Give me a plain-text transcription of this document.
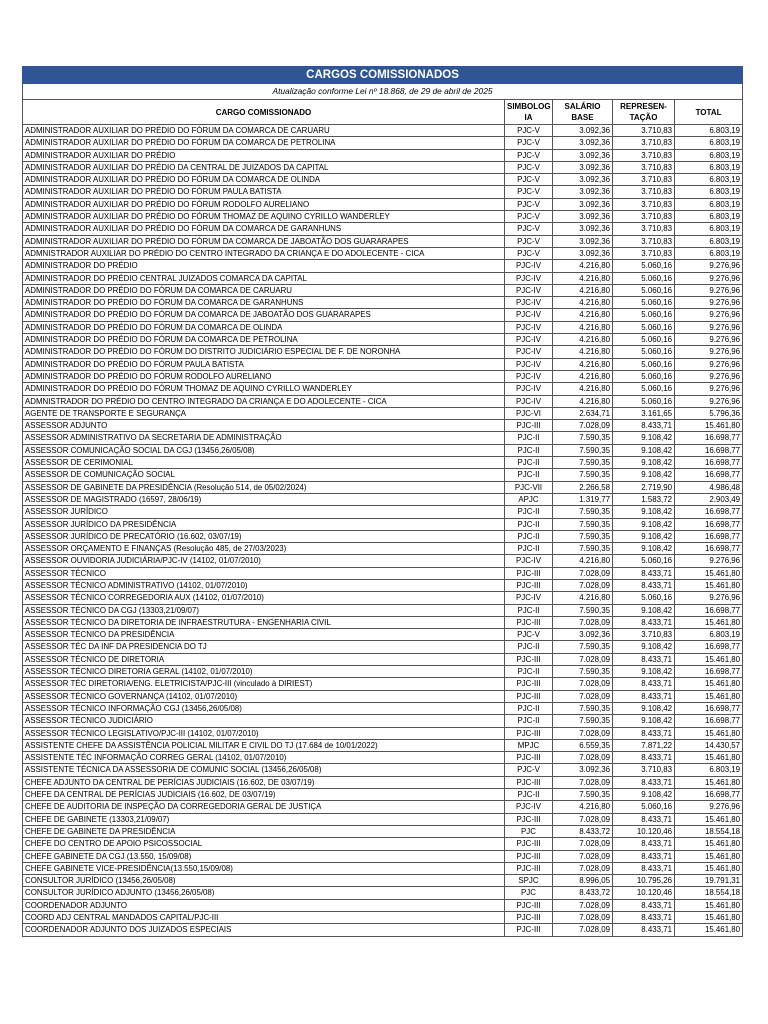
CARGOS COMISSIONADOS				
Atualização conforme Lei nº 18.868, de 29 de abril de 2025				
CARGO COMISSIONADO	SIMBOLOG IA	SALÁRIO BASE	REPRESEN- TAÇÃO	TOTAL
ADMINISTRADOR AUXILIAR DO PRÉDIO DO FÓRUM DA COMARCA DE CARUARU	PJC-V	3.092,36	3.710,83	6.803,19
ADMINISTRADOR AUXILIAR DO PRÉDIO DO FÓRUM DA COMARCA DE PETROLINA	PJC-V	3.092,36	3.710,83	6.803,19
ADMINISTRADOR AUXILIAR DO PRÉDIO	PJC-V	3.092,36	3.710,83	6.803,19
ADMINISTRADOR AUXILIAR DO PRÉDIO DA CENTRAL DE JUIZADOS DA CAPITAL	PJC-V	3.092,36	3.710,83	6.803,19
ADMINISTRADOR AUXILIAR DO PRÉDIO DO FÓRUM DA COMARCA DE OLINDA	PJC-V	3.092,36	3.710,83	6.803,19
ADMINISTRADOR AUXILIAR DO PRÉDIO DO FÓRUM PAULA BATISTA	PJC-V	3.092,36	3.710,83	6.803,19
ADMINISTRADOR AUXILIAR DO PRÉDIO DO FÓRUM RODOLFO AURELIANO	PJC-V	3.092,36	3.710,83	6.803,19
ADMINISTRADOR AUXILIAR DO PRÉDIO DO FÓRUM THOMAZ DE AQUINO CYRILLO WANDERLEY	PJC-V	3.092,36	3.710,83	6.803,19
ADMINISTRADOR AUXILIAR DO PRÉDIO DO FÓRUM DA COMARCA DE GARANHUNS	PJC-V	3.092,36	3.710,83	6.803,19
ADMINISTRADOR AUXILIAR DO PRÉDIO DO FÓRUM DA COMARCA DE JABOATÃO DOS GUARARAPES	PJC-V	3.092,36	3.710,83	6.803,19
ADMNISTRADOR AUXILIAR DO PRÉDIO DO CENTRO INTEGRADO DA CRIANÇA E DO ADOLECENTE - CICA	PJC-V	3.092,36	3.710,83	6.803,19
ADMINISTRADOR DO PRÉDIO	PJC-IV	4.216,80	5.060,16	9.276,96
ADMINISTRADOR DO PRÉDIO CENTRAL JUIZADOS COMARCA DA CAPITAL	PJC-IV	4.216,80	5.060,16	9.276,96
ADMINISTRADOR DO PRÉDIO DO FÓRUM DA COMARCA DE CARUARU	PJC-IV	4.216,80	5.060,16	9.276,96
ADMINISTRADOR DO PRÉDIO DO FÓRUM DA COMARCA DE GARANHUNS	PJC-IV	4.216,80	5.060,16	9.276,96
ADMINISTRADOR DO PRÉDIO DO FÓRUM DA COMARCA DE JABOATÃO DOS GUARARAPES	PJC-IV	4.216,80	5.060,16	9.276,96
ADMINISTRADOR DO PRÉDIO DO FÓRUM DA COMARCA DE OLINDA	PJC-IV	4.216,80	5.060,16	9.276,96
ADMINISTRADOR DO PRÉDIO DO FÓRUM DA COMARCA DE PETROLINA	PJC-IV	4.216,80	5.060,16	9.276,96
ADMINISTRADOR DO PRÉDIO DO FÓRUM DO DISTRITO JUDICIÁRIO ESPECIAL DE F. DE NORONHA	PJC-IV	4.216,80	5.060,16	9.276,96
ADMINISTRADOR DO PRÉDIO DO FÓRUM PAULA BATISTA	PJC-IV	4.216,80	5.060,16	9.276,96
ADMINISTRADOR DO PRÉDIO DO FÓRUM RODOLFO AURELIANO	PJC-IV	4.216,80	5.060,16	9.276,96
ADMINISTRADOR DO PRÉDIO DO FÓRUM THOMAZ DE AQUINO CYRILLO WANDERLEY	PJC-IV	4.216,80	5.060,16	9.276,96
ADMNISTRADOR DO PRÉDIO DO CENTRO INTEGRADO DA CRIANÇA E DO ADOLECENTE - CICA	PJC-IV	4.216,80	5.060,16	9.276,96
AGENTE DE TRANSPORTE E SEGURANÇA	PJC-VI	2.634,71	3.161,65	5.796,36
ASSESSOR ADJUNTO	PJC-III	7.028,09	8.433,71	15.461,80
ASSESSOR ADMINISTRATIVO DA SECRETARIA DE ADMINISTRAÇÃO	PJC-II	7.590,35	9.108,42	16.698,77
ASSESSOR COMUNICAÇÃO SOCIAL DA CGJ (13456,26/05/08)	PJC-II	7.590,35	9.108,42	16.698,77
ASSESSOR DE CERIMONIAL	PJC-II	7.590,35	9.108,42	16.698,77
ASSESSOR DE COMUNICAÇÃO SOCIAL	PJC-II	7.590,35	9.108,42	16.698,77
ASSESSOR DE GABINETE DA PRESIDÊNCIA (Resolução 514, de 05/02/2024)	PJC-VII	2.266,58	2.719,90	4.986,48
ASSESSOR DE MAGISTRADO (16597, 28/06/19)	APJC	1.319,77	1.583,72	2.903,49
ASSESSOR JURÍDICO	PJC-II	7.590,35	9.108,42	16.698,77
ASSESSOR JURÍDICO DA PRESIDÊNCIA	PJC-II	7.590,35	9.108,42	16.698,77
ASSESSOR JURÍDICO DE PRECATÓRIO (16.602, 03/07/19)	PJC-II	7.590,35	9.108,42	16.698,77
ASSESSOR ORÇAMENTO E FINANÇAS (Resolução 485, de 27/03/2023)	PJC-II	7.590,35	9.108,42	16.698,77
ASSESSOR OUVIDORIA JUDICIÁRIA/PJC-IV (14102, 01/07/2010)	PJC-IV	4.216,80	5.060,16	9.276,96
ASSESSOR TÉCNICO	PJC-III	7.028,09	8.433,71	15.461,80
ASSESSOR TÉCNICO ADMINISTRATIVO (14102, 01/07/2010)	PJC-III	7.028,09	8.433,71	15.461,80
ASSESSOR TÉCNICO CORREGEDORIA AUX (14102, 01/07/2010)	PJC-IV	4.216,80	5.060,16	9.276,96
ASSESSOR TÉCNICO DA CGJ (13303,21/09/07)	PJC-II	7.590,35	9.108,42	16.698,77
ASSESSOR TÉCNICO DA DIRETORIA DE INFRAESTRUTURA - ENGENHARIA CIVIL	PJC-III	7.028,09	8.433,71	15.461,80
ASSESSOR TÉCNICO DA PRESIDÊNCIA	PJC-V	3.092,36	3.710,83	6.803,19
ASSESSOR TÉC DA INF DA PRESIDENCIA DO TJ	PJC-II	7.590,35	9.108,42	16.698,77
ASSESSOR TÉCNICO DE DIRETORIA	PJC-III	7.028,09	8.433,71	15.461,80
ASSESSOR TÉCNICO DIRETORIA GERAL (14102, 01/07/2010)	PJC-II	7.590,35	9.108,42	16.698,77
ASSESSOR TÉC DIRETORIA/ENG. ELETRICISTA/PJC-III (vinculado à DIRIEST)	PJC-III	7.028,09	8.433,71	15.461,80
ASSESSOR TÉCNICO GOVERNANÇA (14102, 01/07/2010)	PJC-III	7.028,09	8.433,71	15.461,80
ASSESSOR TÉCNICO INFORMAÇÃO CGJ (13456,26/05/08)	PJC-II	7.590,35	9.108,42	16.698,77
ASSESSOR TÉCNICO JUDICIÁRIO	PJC-II	7.590,35	9.108,42	16.698,77
ASSESSOR TÉCNICO LEGISLATIVO/PJC-III (14102, 01/07/2010)	PJC-III	7.028,09	8.433,71	15.461,80
ASSISTENTE CHEFE DA ASSISTÊNCIA POLICIAL MILITAR E CIVIL DO TJ (17.684 de 10/01/2022)	MPJC	6.559,35	7.871,22	14.430,57
ASSISTENTE TÉC INFORMAÇÃO CORREG GERAL (14102, 01/07/2010)	PJC-III	7.028,09	8.433,71	15.461,80
ASSISTENTE TÉCNICA DA ASSESSORIA DE COMUNIC SOCIAL (13456,26/05/08)	PJC-V	3.092,36	3.710,83	6.803,19
CHEFE ADJUNTO DA CENTRAL DE PERÍCIAS JUDICIAIS (16.602, DE 03/07/19)	PJC-III	7.028,09	8.433,71	15.461,80
CHEFE DA CENTRAL DE PERÍCIAS JUDICIAIS (16.602, DE 03/07/19)	PJC-II	7.590,35	9.108,42	16.698,77
CHEFE DE AUDITORIA DE INSPEÇÃO DA CORREGEDORIA GERAL DE JUSTIÇA	PJC-IV	4.216,80	5.060,16	9.276,96
CHEFE DE GABINETE (13303,21/09/07)	PJC-III	7.028,09	8.433,71	15.461,80
CHEFE DE GABINETE DA PRESIDÊNCIA	PJC	8.433,72	10.120,46	18.554,18
CHEFE DO CENTRO DE APOIO PSICOSSOCIAL	PJC-III	7.028,09	8.433,71	15.461,80
CHEFE GABINETE DA CGJ (13.550, 15/09/08)	PJC-III	7.028,09	8.433,71	15.461,80
CHEFE GABINETE VICE-PRESIDÊNCIA(13.550,15/09/08)	PJC-III	7.028,09	8.433,71	15.461,80
CONSULTOR JURÍDICO (13456,26/05/08)	SPJC	8.996,05	10.795,26	19.791,31
CONSULTOR JURÍDICO ADJUNTO (13456,26/05/08)	PJC	8.433,72	10.120,46	18.554,18
COORDENADOR ADJUNTO	PJC-III	7.028,09	8.433,71	15.461,80
COORD ADJ CENTRAL MANDADOS CAPITAL/PJC-III	PJC-III	7.028,09	8.433,71	15.461,80
COORDENADOR ADJUNTO DOS JUIZADOS ESPECIAIS	PJC-III	7.028,09	8.433,71	15.461,80
